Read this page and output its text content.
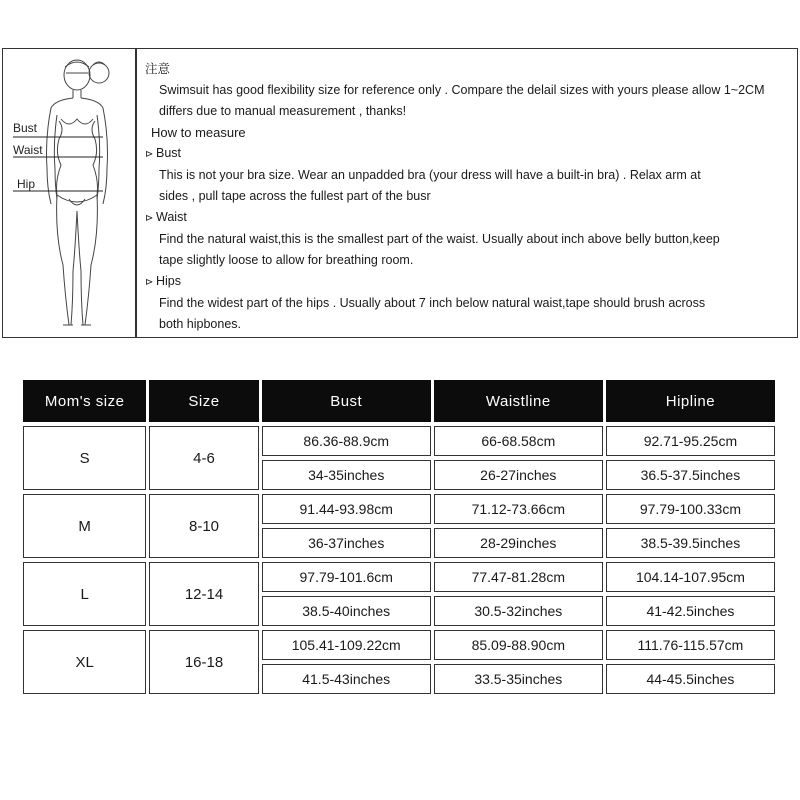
Bust
Waist
Hip

注意

Swimsuit has good flexibility size for reference only . Compare the delail sizes with yours please allow 1~2CM

differs due to manual measurement , thanks!

How to measure

⊳ Bust

This is not your bra size. Wear an unpadded bra (your dress will have a built-in bra) . Relax arm at

sides , pull tape across the fullest part of the busr

⊳ Waist

Find the natural waist,this is the smallest part of the waist. Usually about inch above belly button,keep

tape slightly loose to allow for breathing room.

⊳ Hips

Find the widest part of the hips . Usually about 7 inch below natural waist,tape should brush across

both hipbones.

Mom's size	Size	Bust	Waistline	Hipline
S	4-6	86.36-88.9cm	66-68.58cm	92.71-95.25cm
		34-35inches	26-27inches	36.5-37.5inches
M	8-10	91.44-93.98cm	71.12-73.66cm	97.79-100.33cm
		36-37inches	28-29inches	38.5-39.5inches
L	12-14	97.79-101.6cm	77.47-81.28cm	104.14-107.95cm
		38.5-40inches	30.5-32inches	41-42.5inches
XL	16-18	105.41-109.22cm	85.09-88.90cm	111.76-115.57cm
		41.5-43inches	33.5-35inches	44-45.5inches
